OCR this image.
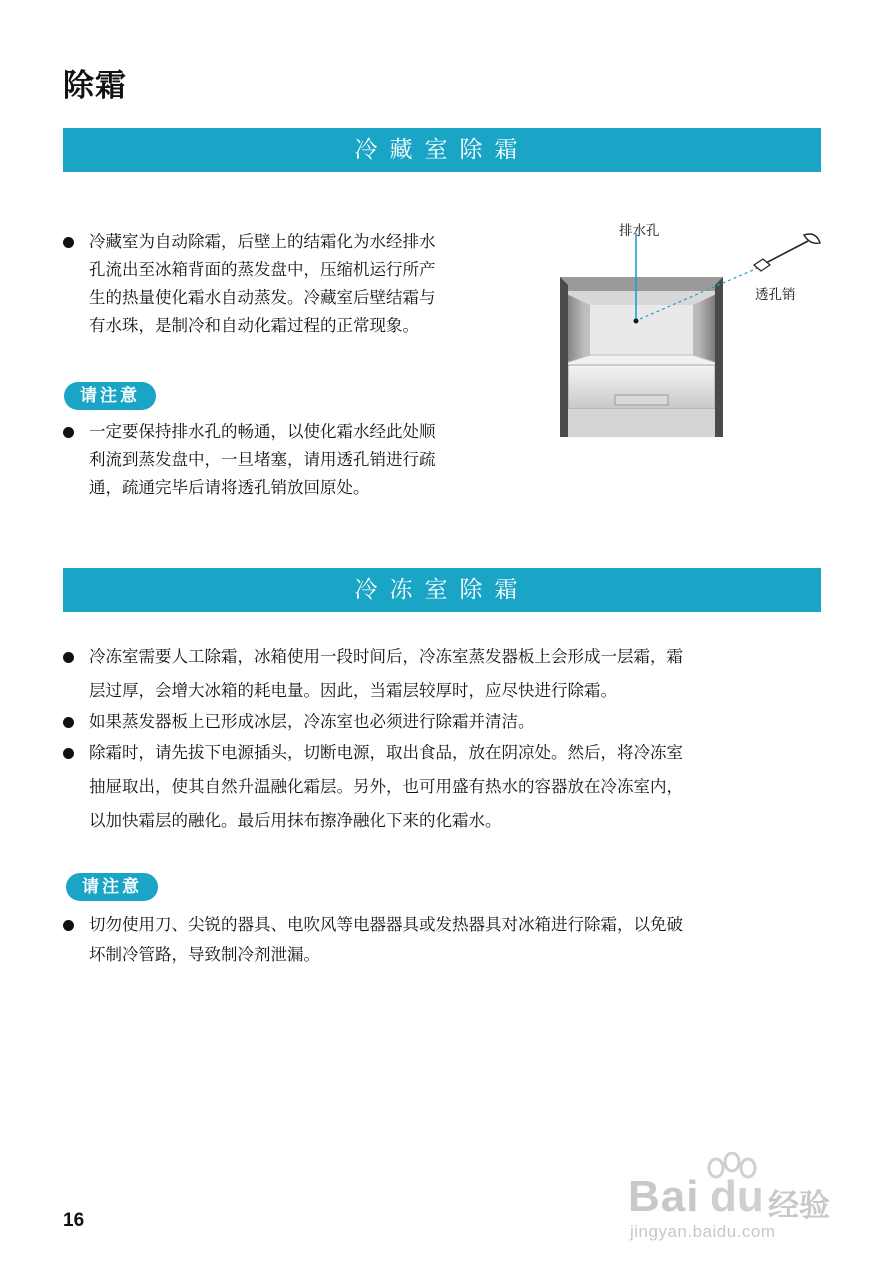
除霜
冷藏室除霜
冷藏室为自动除霜，后壁上的结霜化为水经排水
孔流出至冰箱背面的蒸发盘中，压缩机运行所产
生的热量使化霜水自动蒸发。冷藏室后壁结霜与
有水珠，是制冷和自动化霜过程的正常现象。
请注意
一定要保持排水孔的畅通，以使化霜水经此处顺
利流到蒸发盘中，一旦堵塞，请用透孔销进行疏
通，疏通完毕后请将透孔销放回原处。
排水孔
透孔销
冷冻室除霜
冷冻室需要人工除霜，冰箱使用一段时间后，冷冻室蒸发器板上会形成一层霜，霜
层过厚，会增大冰箱的耗电量。因此，当霜层较厚时，应尽快进行除霜。
如果蒸发器板上已形成冰层，冷冻室也必须进行除霜并清洁。
除霜时，请先拔下电源插头，切断电源，取出食品，放在阴凉处。然后，将冷冻室
抽屉取出，使其自然升温融化霜层。另外，也可用盛有热水的容器放在冷冻室内，
以加快霜层的融化。最后用抹布擦净融化下来的化霜水。
请注意
切勿使用刀、尖锐的器具、电吹风等电器器具或发热器具对冰箱进行除霜，以免破
坏制冷管路，导致制冷剂泄漏。
16	Bai du 经验
jingyan.baidu.com
